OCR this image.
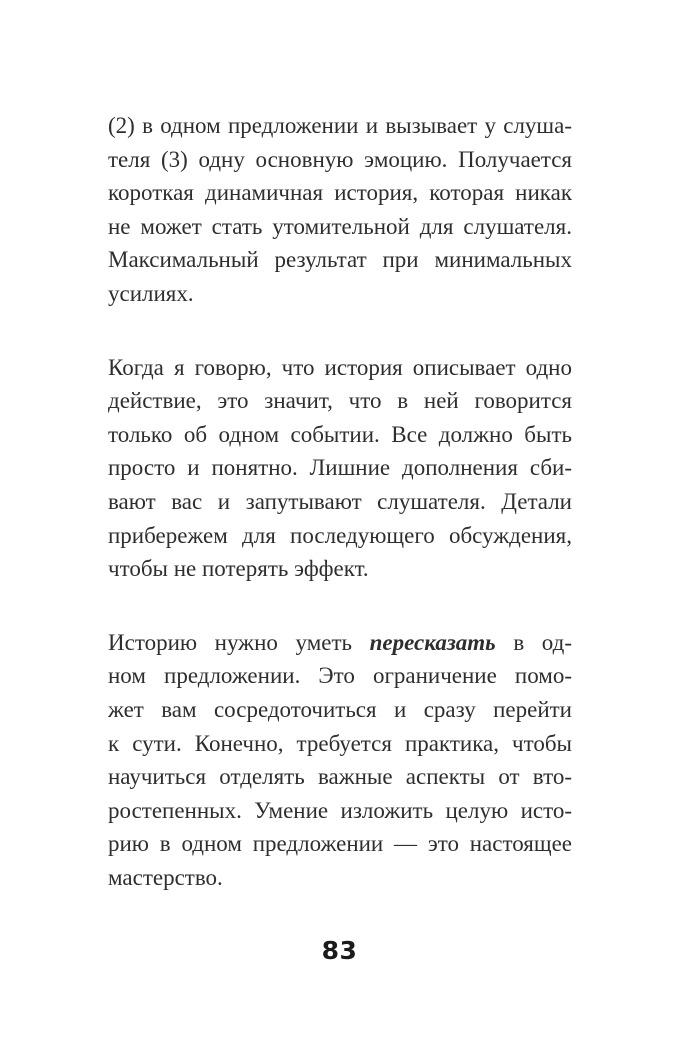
(2) в одном предложении и вызывает у слуша-
теля (3) одну основную эмоцию. Получается
короткая динамичная история, которая никак
не может стать утомительной для слушателя.
Максимальный результат при минимальных
усилиях.
Когда я говорю, что история описывает одно
действие, это значит, что в ней говорится
только об одном событии. Все должно быть
просто и понятно. Лишние дополнения сби-
вают вас и запутывают слушателя. Детали
прибережем для последующего обсуждения,
чтобы не потерять эффект.
Историю нужно уметь пересказать в од-
ном предложении. Это ограничение помо-
жет вам сосредоточиться и сразу перейти
к сути. Конечно, требуется практика, чтобы
научиться отделять важные аспекты от вто-
ростепенных. Умение изложить целую исто-
рию в одном предложении — это настоящее
мастерство.
83
